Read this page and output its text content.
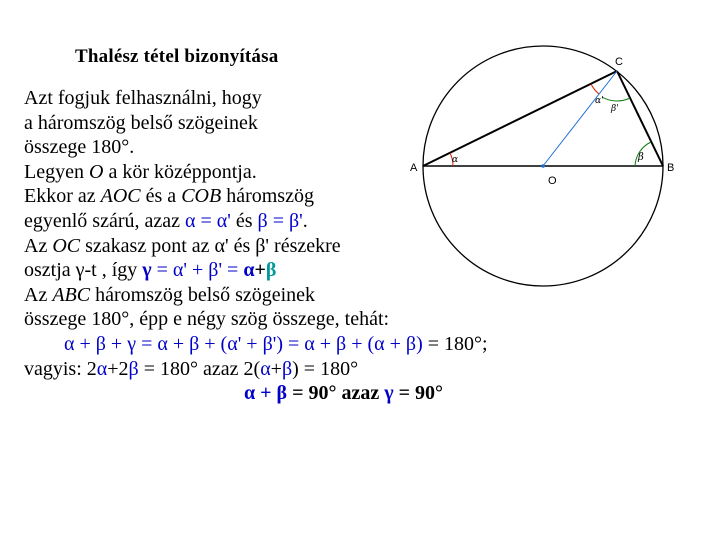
Thalész tétel bizonyítása
A	B
C
O
α	β
α'
β'
Azt fogjuk felhasználni, hogy
a háromszög belső szögeinek
összege 180°.
Legyen O a kör középpontja.
Ekkor az AOC és a COB háromszög
egyenlő szárú, azaz α = α' és β = β'.
Az OC szakasz pont az α' és β' részekre
osztja γ-t , így γ = α' + β' = α+β
Az ABC háromszög belső szögeinek
összege 180°, épp e négy szög összege, tehát:
α + β + γ = α + β + (α' + β') = α + β + (α + β) = 180°;
vagyis: 2α+2β = 180° azaz 2(α+β) = 180°
α + β = 90° azaz γ = 90°
